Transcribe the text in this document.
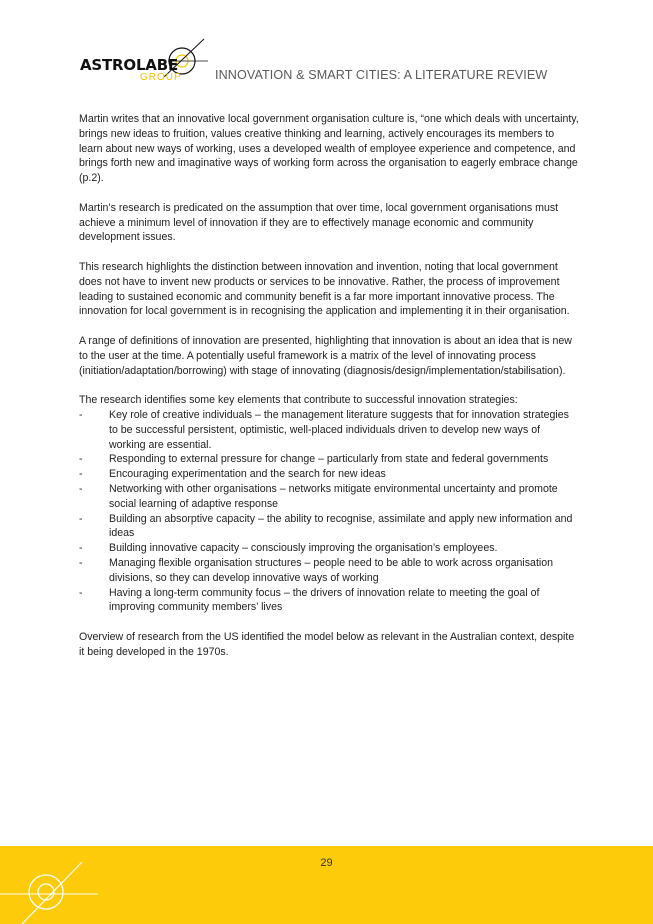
ASTROLABE
GROUP	INNOVATION & SMART CITIES: A LITERATURE REVIEW

Martin writes that an innovative local government organisation culture is, “one which deals with uncertainty, brings new ideas to fruition, values creative thinking and learning, actively encourages its members to learn about new ways of working, uses a developed wealth of employee experience and competence, and brings forth new and imaginative ways of working form across the organisation to eagerly embrace change (p.2).

Martin’s research is predicated on the assumption that over time, local government organisations must achieve a minimum level of innovation if they are to effectively manage economic and community development issues.

This research highlights the distinction between innovation and invention, noting that local government does not have to invent new products or services to be innovative. Rather, the process of improvement leading to sustained economic and community benefit is a far more important innovative process. The innovation for local government is in recognising the application and implementing it in their organisation.

A range of definitions of innovation are presented, highlighting that innovation is about an idea that is new to the user at the time. A potentially useful framework is a matrix of the level of innovating process (initiation/adaptation/borrowing) with stage of innovating (diagnosis/design/implementation/stabilisation).

The research identifies some key elements that contribute to successful innovation strategies:
- Key role of creative individuals – the management literature suggests that for innovation strategies to be successful persistent, optimistic, well-placed individuals driven to develop new ways of working are essential.
- Responding to external pressure for change – particularly from state and federal governments
- Encouraging experimentation and the search for new ideas
- Networking with other organisations – networks mitigate environmental uncertainty and promote social learning of adaptive response
- Building an absorptive capacity – the ability to recognise, assimilate and apply new information and ideas
- Building innovative capacity – consciously improving the organisation’s employees.
- Managing flexible organisation structures – people need to be able to work across organisation divisions, so they can develop innovative ways of working
- Having a long-term community focus – the drivers of innovation relate to meeting the goal of improving community members’ lives

Overview of research from the US identified the model below as relevant in the Australian context, despite it being developed in the 1970s.

29
